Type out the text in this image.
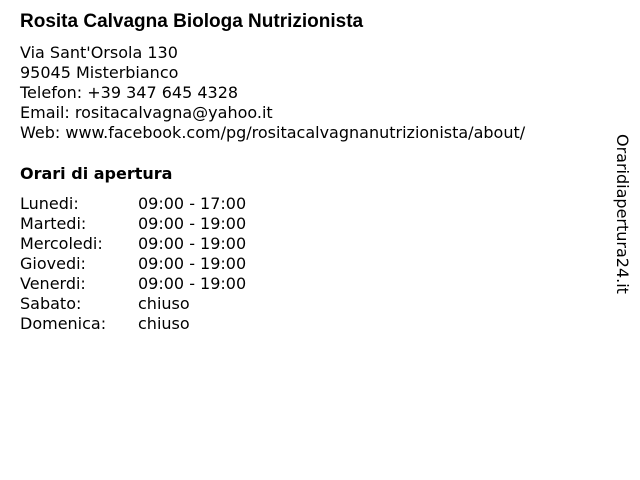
Rosita Calvagna Biologa Nutrizionista
Via Sant'Orsola 130
95045 Misterbianco
Telefon: +39 347 645 4328
Email: rositacalvagna@yahoo.it
Web: www.facebook.com/pg/rositacalvagnanutrizionista/about/
Orari di apertura
Lunedi:	09:00 - 17:00
Martedi:	09:00 - 19:00
Mercoledi: 09:00 - 19:00
Giovedi:	09:00 - 19:00
Venerdi:	09:00 - 19:00
Sabato:	chiuso
Domenica: chiuso
Oraridiapertura24.it
